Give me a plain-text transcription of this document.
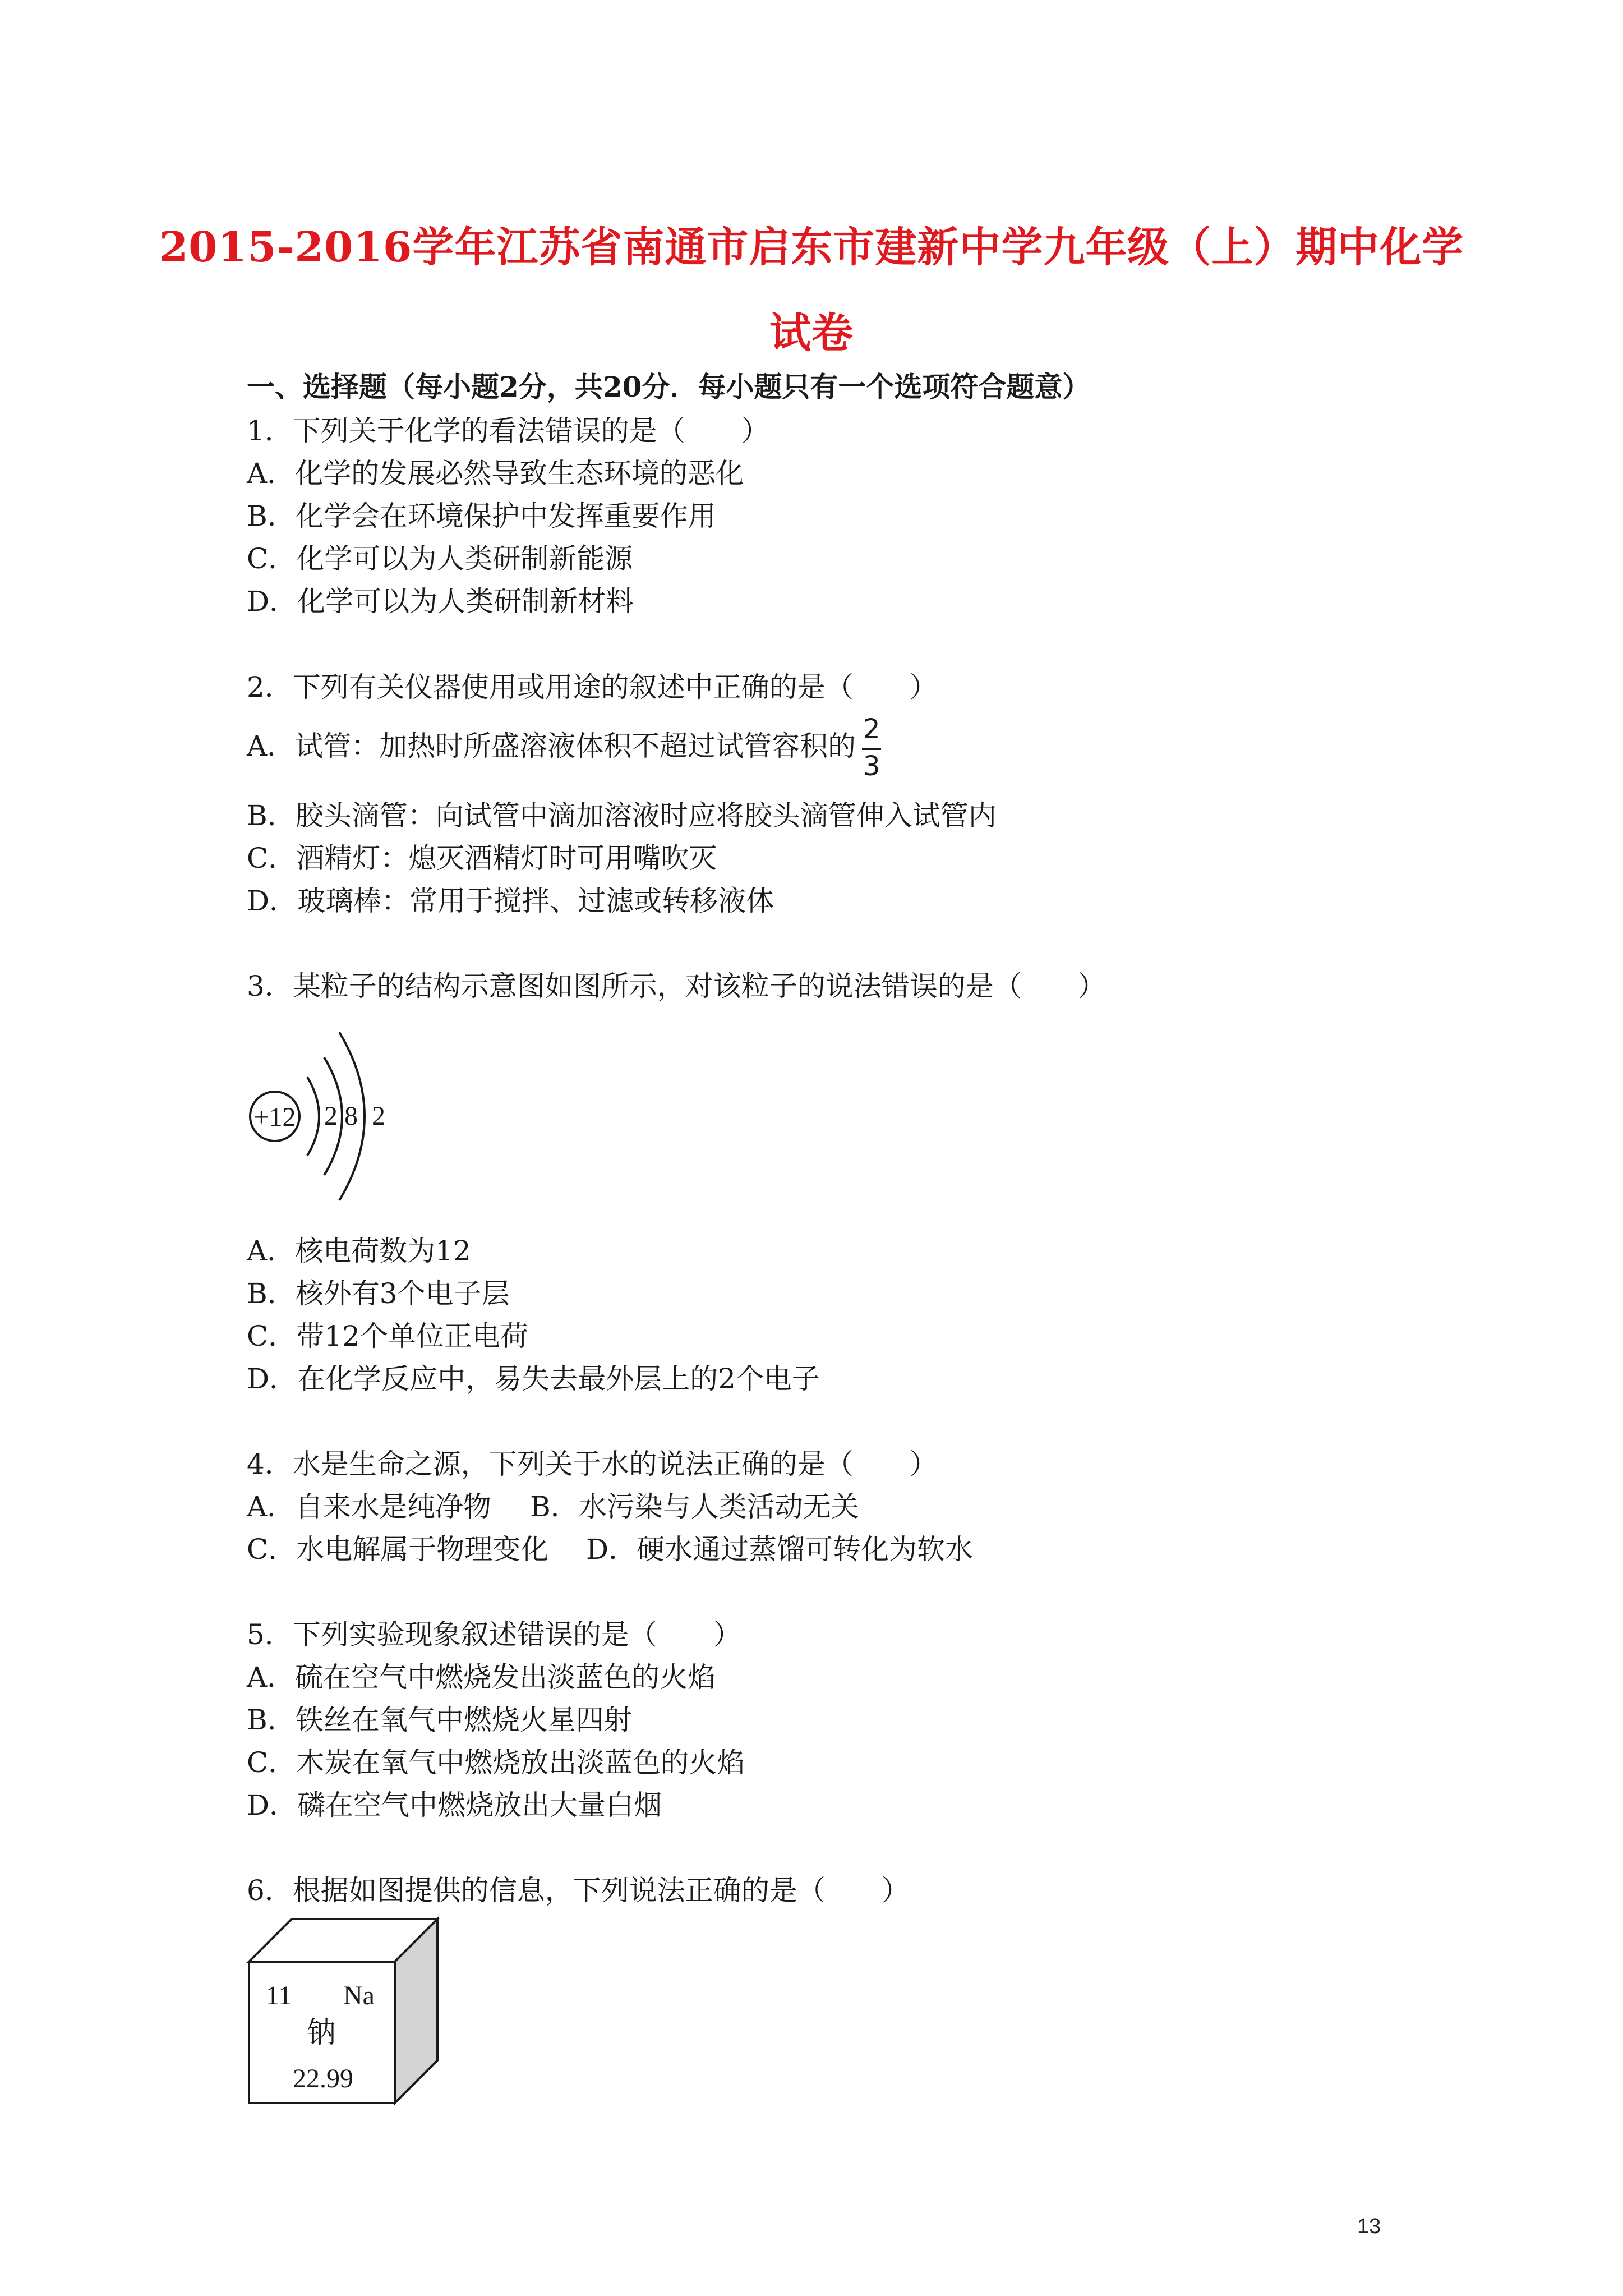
2015-2016学年江苏省南通市启东市建新中学九年级（上）期中化学
试卷
一、选择题（每小题2分，共20分．每小题只有一个选项符合题意）
1．下列关于化学的看法错误的是（　　）
A．化学的发展必然导致生态环境的恶化
B．化学会在环境保护中发挥重要作用
C．化学可以为人类研制新能源
D．化学可以为人类研制新材料
2．下列有关仪器使用或用途的叙述中正确的是（　　）
A．试管：加热时所盛溶液体积不超过试管容积的
2
3
B．胶头滴管：向试管中滴加溶液时应将胶头滴管伸入试管内
C．酒精灯：熄灭酒精灯时可用嘴吹灭
D．玻璃棒：常用于搅拌、过滤或转移液体
3．某粒子的结构示意图如图所示，对该粒子的说法错误的是（　　）
+12 2 8 2
A．核电荷数为12
B．核外有3个电子层
C．带12个单位正电荷
D．在化学反应中，易失去最外层上的2个电子
4．水是生命之源，下列关于水的说法正确的是（　　）
A．自来水是纯净物 B．水污染与人类活动无关
C．水电解属于物理变化 D．硬水通过蒸馏可转化为软水
5．下列实验现象叙述错误的是（　　）
A．硫在空气中燃烧发出淡蓝色的火焰
B．铁丝在氧气中燃烧火星四射
C．木炭在氧气中燃烧放出淡蓝色的火焰
D．磷在空气中燃烧放出大量白烟
6．根据如图提供的信息，下列说法正确的是（　　）
11 Na
钠
22.99
13
